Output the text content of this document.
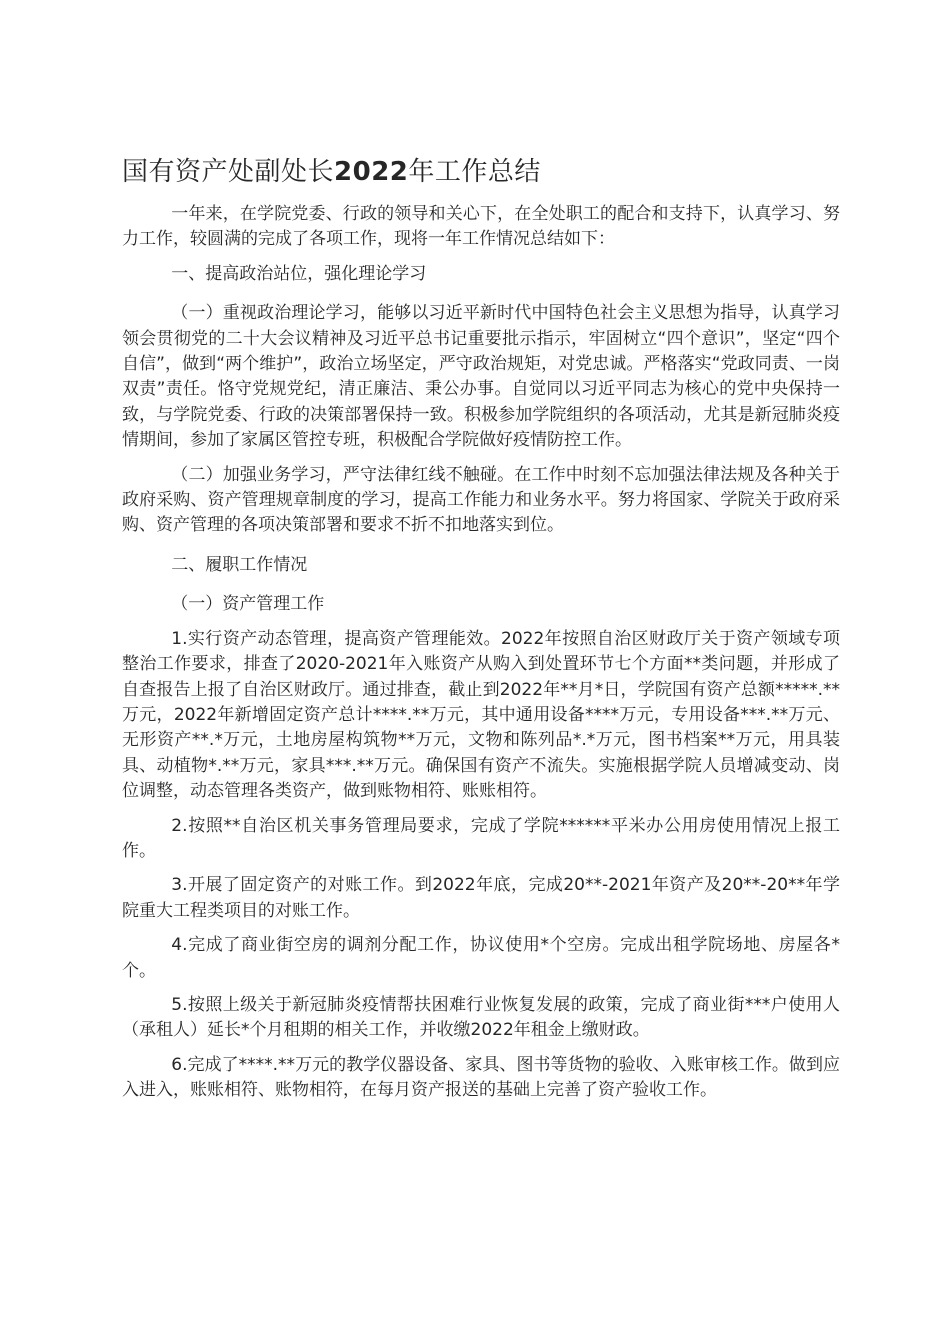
国有资产处副处长2022年工作总结

一年来，在学院党委、行政的领导和关心下，在全处职工的配合和支持下，认真学习、努力工作，较圆满的完成了各项工作，现将一年工作情况总结如下：

一、提高政治站位，强化理论学习

（一）重视政治理论学习，能够以习近平新时代中国特色社会主义思想为指导，认真学习领会贯彻党的二十大会议精神及习近平总书记重要批示指示，牢固树立“四个意识”，坚定“四个自信”，做到“两个维护”，政治立场坚定，严守政治规矩，对党忠诚。严格落实“党政同责、一岗双责”责任。恪守党规党纪，清正廉洁、秉公办事。自觉同以习近平同志为核心的党中央保持一致，与学院党委、行政的决策部署保持一致。积极参加学院组织的各项活动，尤其是新冠肺炎疫情期间，参加了家属区管控专班，积极配合学院做好疫情防控工作。

（二）加强业务学习，严守法律红线不触碰。在工作中时刻不忘加强法律法规及各种关于政府采购、资产管理规章制度的学习，提高工作能力和业务水平。努力将国家、学院关于政府采购、资产管理的各项决策部署和要求不折不扣地落实到位。

二、履职工作情况

（一）资产管理工作

1.实行资产动态管理，提高资产管理能效。2022年按照自治区财政厅关于资产领域专项整治工作要求，排查了2020-2021年入账资产从购入到处置环节七个方面**类问题，并形成了自查报告上报了自治区财政厅。通过排查，截止到2022年**月*日，学院国有资产总额*****.**万元，2022年新增固定资产总计****.**万元，其中通用设备****万元，专用设备***.**万元、无形资产**.*万元，土地房屋构筑物**万元，文物和陈列品*.*万元，图书档案**万元，用具装具、动植物*.**万元，家具***.**万元。确保国有资产不流失。实施根据学院人员增减变动、岗位调整，动态管理各类资产，做到账物相符、账账相符。

2.按照**自治区机关事务管理局要求，完成了学院******平米办公用房使用情况上报工作。

3.开展了固定资产的对账工作。到2022年底，完成20**-2021年资产及20**-20**年学院重大工程类项目的对账工作。

4.完成了商业街空房的调剂分配工作，协议使用*个空房。完成出租学院场地、房屋各*个。

5.按照上级关于新冠肺炎疫情帮扶困难行业恢复发展的政策，完成了商业街***户使用人（承租人）延长*个月租期的相关工作，并收缴2022年租金上缴财政。

6.完成了****.**万元的教学仪器设备、家具、图书等货物的验收、入账审核工作。做到应入进入，账账相符、账物相符，在每月资产报送的基础上完善了资产验收工作。
